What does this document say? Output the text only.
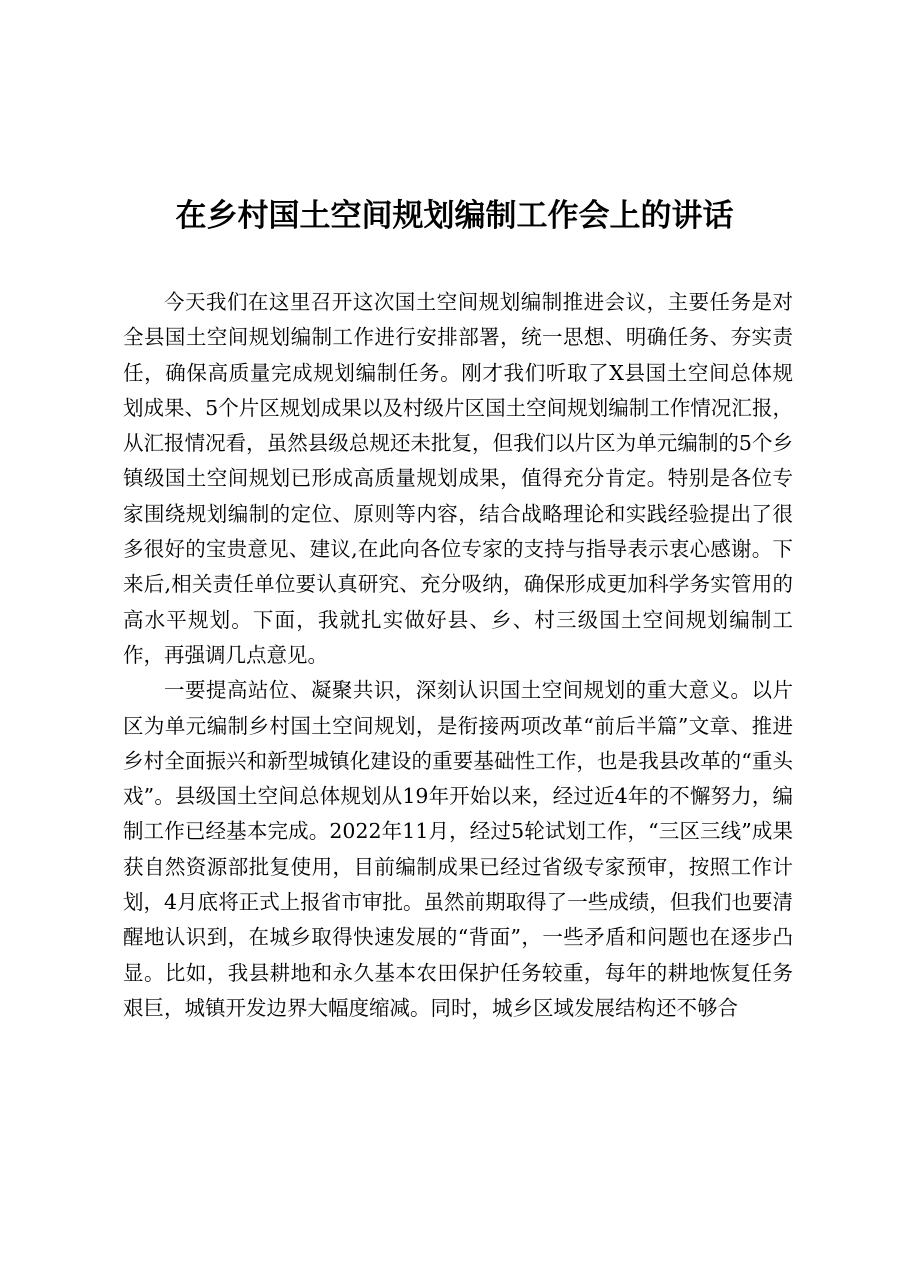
在乡村国土空间规划编制工作会上的讲话

今天我们在这里召开这次国土空间规划编制推进会议，主要任务是对全县国土空间规划编制工作进行安排部署，统一思想、明确任务、夯实责任，确保高质量完成规划编制任务。刚才我们听取了X县国土空间总体规划成果、5个片区规划成果以及村级片区国土空间规划编制工作情况汇报，从汇报情况看，虽然县级总规还未批复，但我们以片区为单元编制的5个乡镇级国土空间规划已形成高质量规划成果，值得充分肯定。特别是各位专家围绕规划编制的定位、原则等内容，结合战略理论和实践经验提出了很多很好的宝贵意见、建议,在此向各位专家的支持与指导表示衷心感谢。下来后,相关责任单位要认真研究、充分吸纳，确保形成更加科学务实管用的高水平规划。下面，我就扎实做好县、乡、村三级国土空间规划编制工作，再强调几点意见。

一要提高站位、凝聚共识，深刻认识国土空间规划的重大意义。以片区为单元编制乡村国土空间规划，是衔接两项改革“前后半篇”文章、推进乡村全面振兴和新型城镇化建设的重要基础性工作，也是我县改革的“重头戏”。县级国土空间总体规划从19年开始以来，经过近4年的不懈努力，编制工作已经基本完成。2022年11月，经过5轮试划工作，“三区三线”成果获自然资源部批复使用，目前编制成果已经过省级专家预审，按照工作计划，4月底将正式上报省市审批。虽然前期取得了一些成绩，但我们也要清醒地认识到，在城乡取得快速发展的“背面”，一些矛盾和问题也在逐步凸显。比如，我县耕地和永久基本农田保护任务较重，每年的耕地恢复任务艰巨，城镇开发边界大幅度缩减。同时，城乡区域发展结构还不够合
